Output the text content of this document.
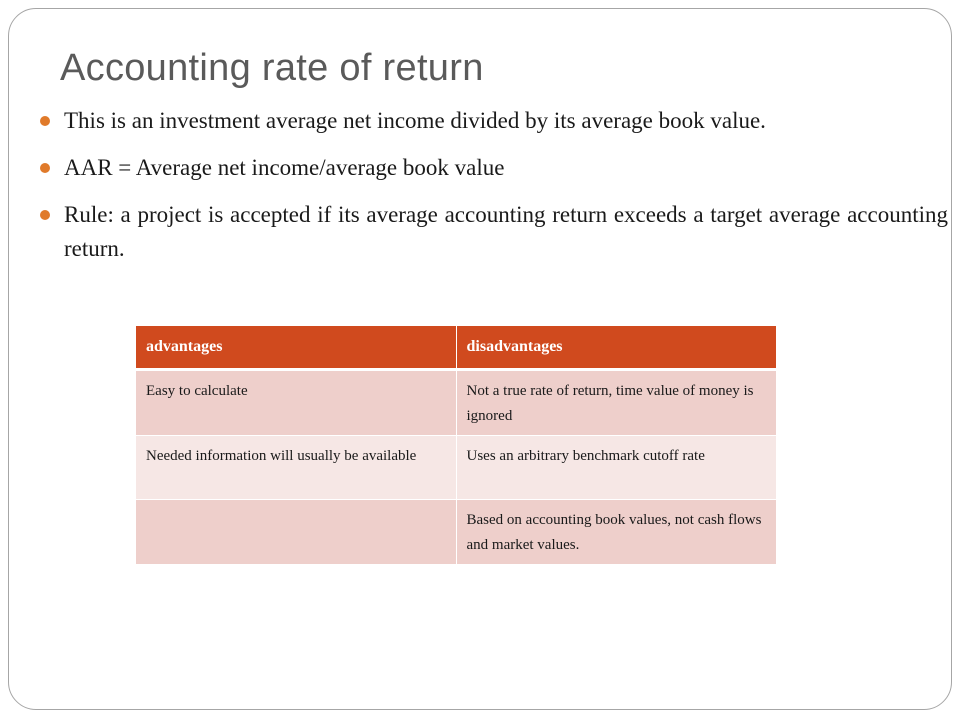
Accounting rate of return
This is an investment average net income divided by its average book value.
AAR = Average net income/average book value
Rule: a project is accepted if its average accounting return exceeds a target average accounting return.
advantages	disadvantages
Easy to calculate	Not a true rate of return, time value of money is ignored
Needed information will usually be available	Uses an arbitrary benchmark cutoff rate
	Based on accounting book values, not cash flows and market values.
